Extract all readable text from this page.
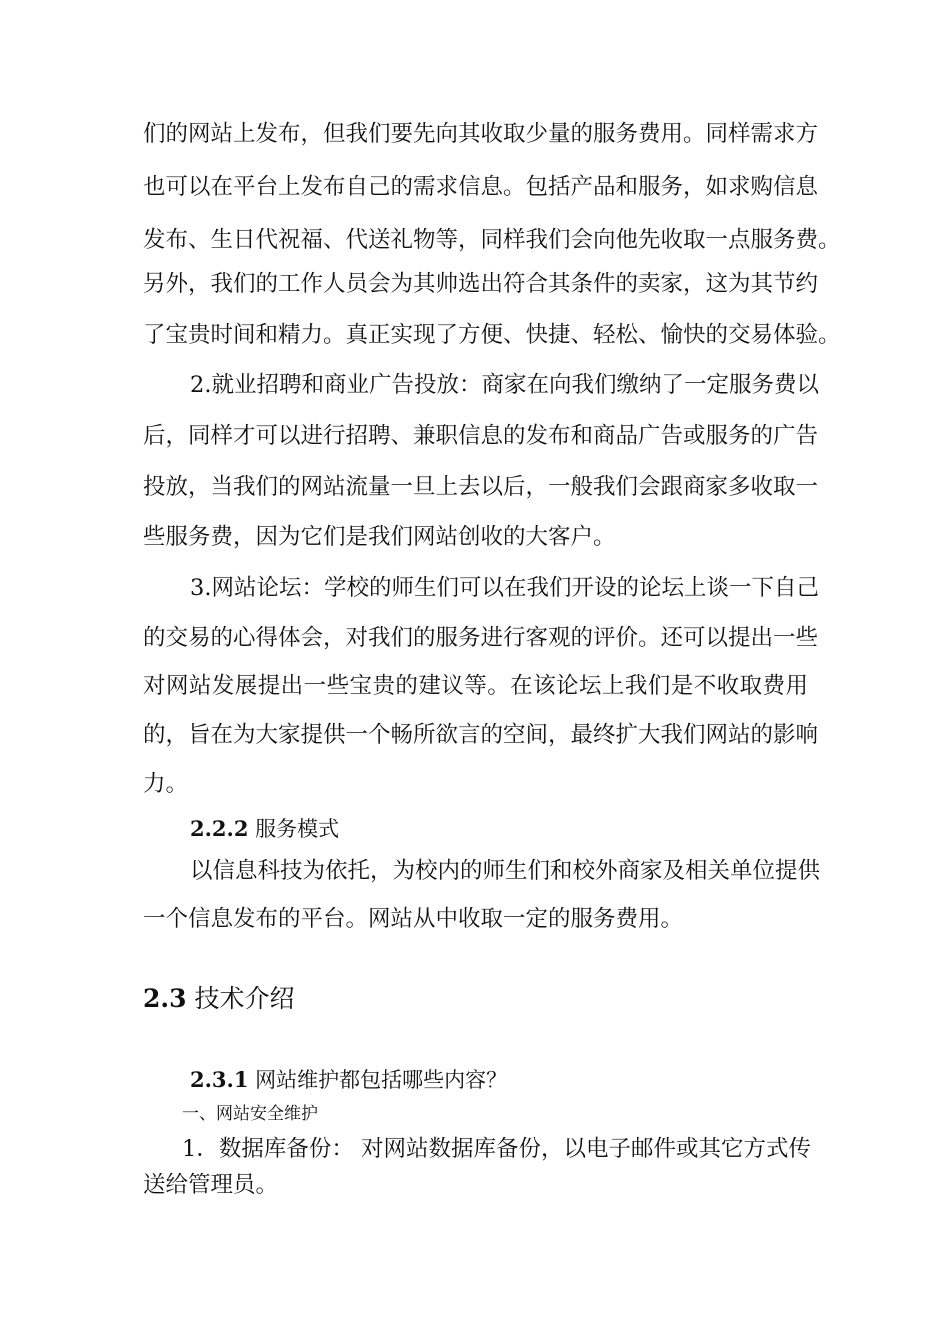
们的网站上发布，但我们要先向其收取少量的服务费用。同样需求方
也可以在平台上发布自己的需求信息。包括产品和服务，如求购信息
发布、生日代祝福、代送礼物等，同样我们会向他先收取一点服务费。
另外，我们的工作人员会为其帅选出符合其条件的卖家，这为其节约
了宝贵时间和精力。真正实现了方便、快捷、轻松、愉快的交易体验。
2.就业招聘和商业广告投放：商家在向我们缴纳了一定服务费以
后，同样才可以进行招聘、兼职信息的发布和商品广告或服务的广告
投放，当我们的网站流量一旦上去以后，一般我们会跟商家多收取一
些服务费，因为它们是我们网站创收的大客户。
3.网站论坛：学校的师生们可以在我们开设的论坛上谈一下自己
的交易的心得体会，对我们的服务进行客观的评价。还可以提出一些
对网站发展提出一些宝贵的建议等。在该论坛上我们是不收取费用
的，旨在为大家提供一个畅所欲言的空间，最终扩大我们网站的影响
力。
2.2.2 服务模式
以信息科技为依托，为校内的师生们和校外商家及相关单位提供
一个信息发布的平台。网站从中收取一定的服务费用。
2.3 技术介绍
2.3.1 网站维护都包括哪些内容？
一、网站安全维护
1．数据库备份： 对网站数据库备份，以电子邮件或其它方式传
送给管理员。
